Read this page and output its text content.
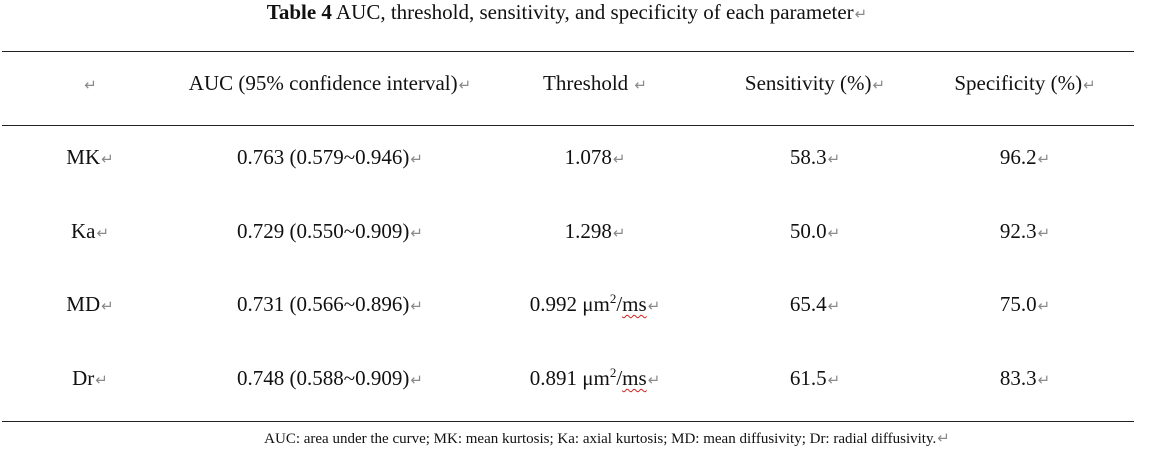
Table 4 AUC, threshold, sensitivity, and specificity of each parameter↵
↵	AUC (95% confidence interval)↵	Threshold ↵	Sensitivity (%)↵	Specificity (%)↵
MK↵	0.763 (0.579~0.946)↵	1.078↵	58.3↵	96.2↵
Ka↵	0.729 (0.550~0.909)↵	1.298↵	50.0↵	92.3↵
MD↵	0.731 (0.566~0.896)↵	0.992 $\mu m^2/ms↵$	65.4↵	75.0↵
Dr↵	0.748 (0.588~0.909)↵	0.891 $\mu m^2/ms↵$	61.5↵	83.3↵
AUC: area under the curve; MK: mean kurtosis; Ka: axial kurtosis; MD: mean diffusivity; Dr: radial diffusivity.↵
